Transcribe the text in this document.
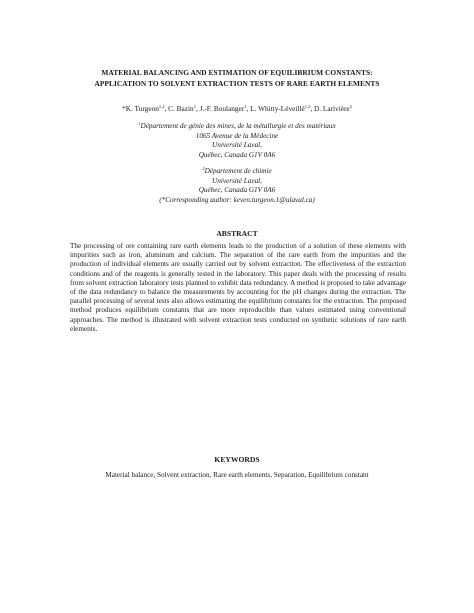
MATERIAL BALANCING AND ESTIMATION OF EQUILIBRIUM CONSTANTS:
APPLICATION TO SOLVENT EXTRACTION TESTS OF RARE EARTH ELEMENTS
*K. Turgeon$^{1,2}$, C. Bazin$^1$, J.-F. Boulanger$^1$, L. Whitty-Léveillé$^{1,2}$, D. Larivière$^2$
$^1$Département de génie des mines, de la métallurgie et des matériaux
1065 Avenue de la Médecine
Université Laval,
Québec, Canada G1V 0A6
$^2$Département de chimie
Université Laval,
Québec, Canada G1V 0A6
(*Corresponding author: keven.turgeon.1@ulaval.ca)
ABSTRACT
The processing of ore containing rare earth elements leads to the production of a solution of these elements with impurities such as iron, aluminum and calcium. The separation of the rare earth from the impurities and the production of individual elements are usually carried out by solvent extraction. The effectiveness of the extraction conditions and of the reagents is generally tested in the laboratory. This paper deals with the processing of results from solvent extraction laboratory tests planned to exhibit data redundancy. A method is proposed to take advantage of the data redundancy to balance the measurements by accounting for the pH changes during the extraction. The parallel processing of several tests also allows estimating the equilibrium constants for the extraction. The proposed method produces equilibrium constants that are more reproducible than values estimated using conventional approaches. The method is illustrated with solvent extraction tests conducted on synthetic solutions of rare earth elements.
KEYWORDS
Material balance, Solvent extraction, Rare earth elements, Separation, Equilibrium constant
